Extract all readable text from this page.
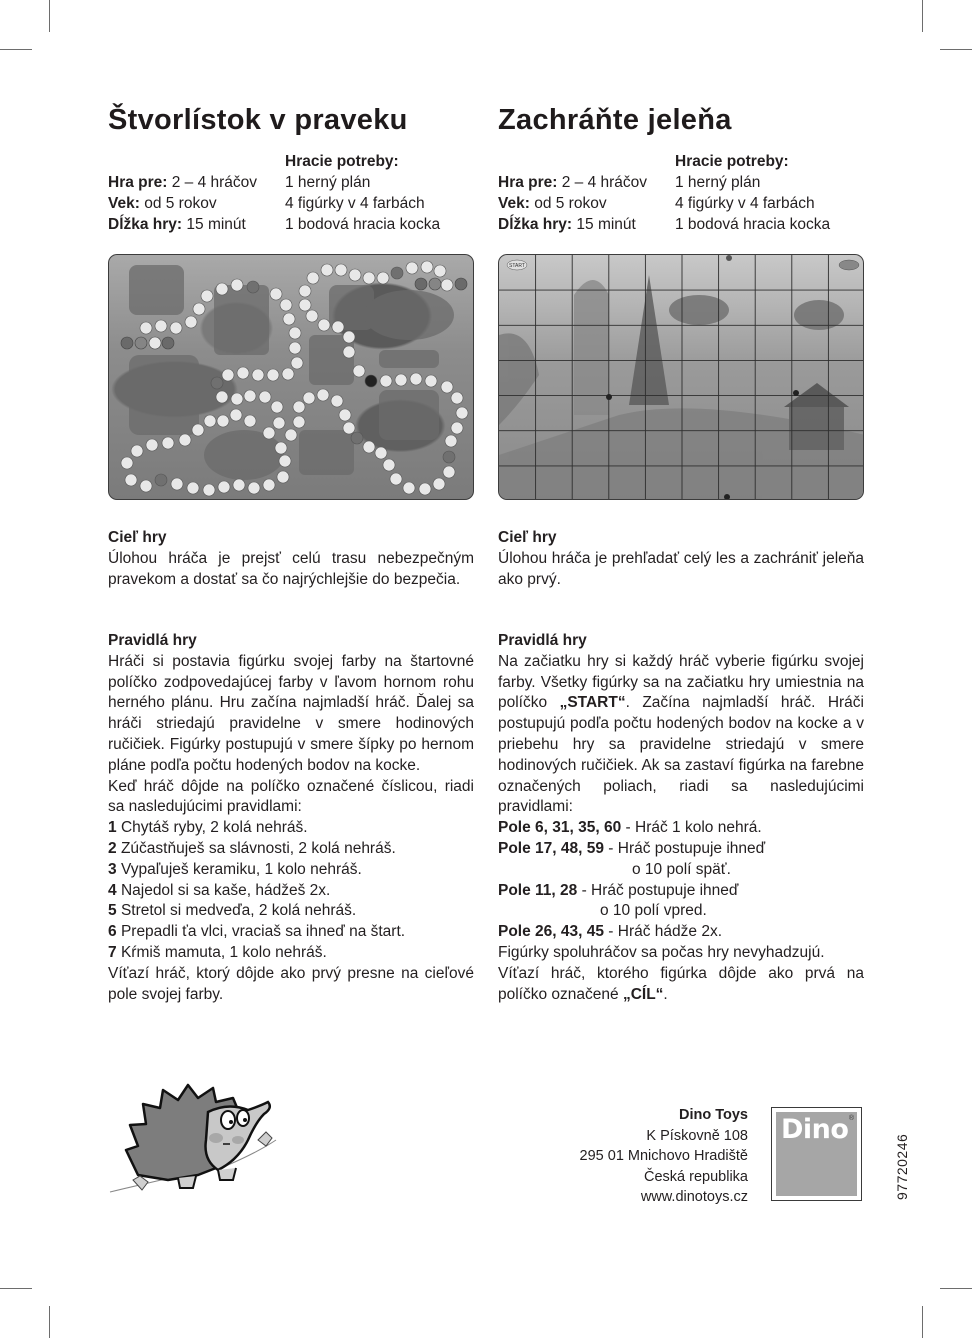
Štvorlístok v praveku
Hra pre: 2 – 4 hráčov
Vek: od 5 rokov
Dĺžka hry: 15 minút
Hracie potreby:
1 herný plán
4 figúrky v 4 farbách
1 bodová hracia kocka
Cieľ hry

Úlohou hráča je prejsť celú trasu nebezpečným pravekom a dostať sa čo najrýchlejšie do bezpečia.

Pravidlá hry

Hráči si postavia figúrku svojej farby na štartovné políčko zodpovedajúcej farby v ľavom hornom rohu herného plánu. Hru začína najmladší hráč. Ďalej sa hráči striedajú pravidelne v smere hodinových ručičiek. Figúrky postupujú v smere šípky po hernom pláne podľa počtu hodených bodov na kocke.

Keď hráč dôjde na políčko označené číslicou, riadi sa nasledujúcimi pravidlami:

1 Chytáš ryby, 2 kolá nehráš.
2 Zúčastňuješ sa slávnosti, 2 kolá nehráš.
3 Vypaľuješ keramiku, 1 kolo nehráš.
4 Najedol si sa kaše, hádžeš 2x.
5 Stretol si medveďa, 2 kolá nehráš.
6 Prepadli ťa vlci, vraciaš sa ihneď na štart.
7 Kŕmiš mamuta, 1 kolo nehráš.

Víťazí hráč, ktorý dôjde ako prvý presne na cieľové pole svojej farby.

Zachráňte jeleňa
Hra pre: 2 – 4 hráčov
Vek: od 5 rokov
Dĺžka hry: 15 minút
Hracie potreby:
1 herný plán
4 figúrky v 4 farbách
1 bodová hracia kocka
START
Cieľ hry

Úlohou hráča je prehľadať celý les a zachrániť jeleňa ako prvý.

Pravidlá hry

Na začiatku hry si každý hráč vyberie figúrku svojej farby. Všetky figúrky sa na začiatku hry umiestnia na políčko „START“. Začína najmladší hráč. Hráči postupujú podľa počtu hodených bodov na kocke a v priebehu hry sa pravidelne striedajú v smere hodinových ručičiek. Ak sa zastaví figúrka na farebne označených poliach, riadi sa nasledujúcimi pravidlami:

Pole 6, 31, 35, 60 - Hráč 1 kolo nehrá.
Pole 17, 48, 59 - Hráč postupuje ihneď
o 10 polí späť.
Pole 11, 28 - Hráč postupuje ihneď
o 10 polí vpred.
Pole 26, 43, 45 - Hráč hádže 2x.

Figúrky spoluhráčov sa počas hry nevyhadzujú.

Víťazí hráč, ktorého figúrka dôjde ako prvá na políčko označené „CÍL“.

Dino Toys
K Pískovně 108
295 01 Mnichovo Hradiště
Česká republika
www.dinotoys.cz
Dino ®
97720246
